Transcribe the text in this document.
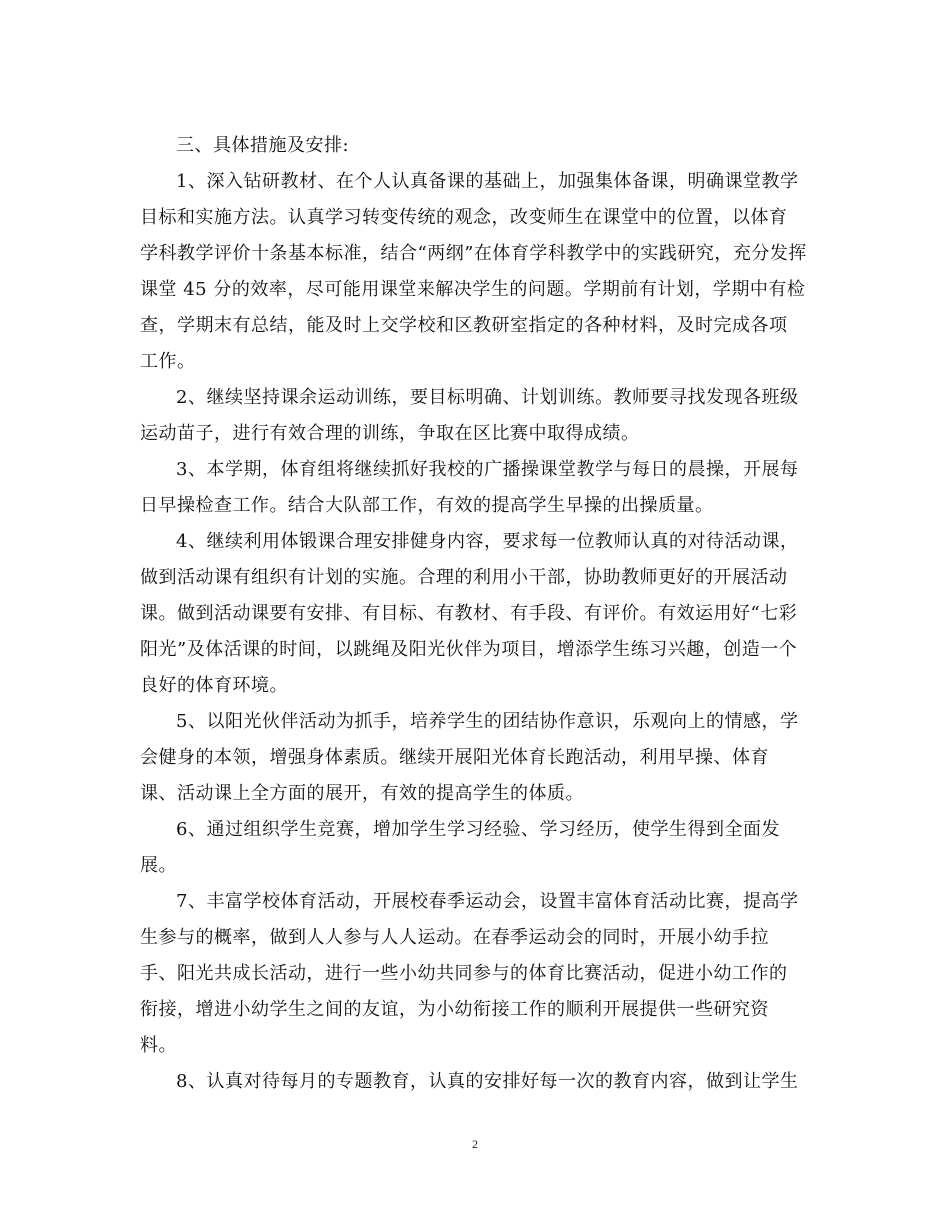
三、具体措施及安排:

1、深入钻研教材、在个人认真备课的基础上，加强集体备课，明确课堂教学
目标和实施方法。认真学习转变传统的观念，改变师生在课堂中的位置，以体育
学科教学评价十条基本标准，结合“两纲”在体育学科教学中的实践研究，充分发挥
课堂 45 分的效率，尽可能用课堂来解决学生的问题。学期前有计划，学期中有检
查，学期末有总结，能及时上交学校和区教研室指定的各种材料，及时完成各项
工作。
2、继续坚持课余运动训练，要目标明确、计划训练。教师要寻找发现各班级
运动苗子，进行有效合理的训练，争取在区比赛中取得成绩。
3、本学期，体育组将继续抓好我校的广播操课堂教学与每日的晨操，开展每
日早操检查工作。结合大队部工作，有效的提高学生早操的出操质量。
4、继续利用体锻课合理安排健身内容，要求每一位教师认真的对待活动课，
做到活动课有组织有计划的实施。合理的利用小干部，协助教师更好的开展活动
课。做到活动课要有安排、有目标、有教材、有手段、有评价。有效运用好“七彩
阳光”及体活课的时间，以跳绳及阳光伙伴为项目，增添学生练习兴趣，创造一个
良好的体育环境。
5、以阳光伙伴活动为抓手，培养学生的团结协作意识，乐观向上的情感，学
会健身的本领，增强身体素质。继续开展阳光体育长跑活动，利用早操、体育
课、活动课上全方面的展开，有效的提高学生的体质。
6、通过组织学生竞赛，增加学生学习经验、学习经历，使学生得到全面发
展。
7、丰富学校体育活动，开展校春季运动会，设置丰富体育活动比赛，提高学
生参与的概率，做到人人参与人人运动。在春季运动会的同时，开展小幼手拉
手、阳光共成长活动，进行一些小幼共同参与的体育比赛活动，促进小幼工作的
衔接，增进小幼学生之间的友谊，为小幼衔接工作的顺利开展提供一些研究资
料。
8、认真对待每月的专题教育，认真的安排好每一次的教育内容，做到让学生
2
